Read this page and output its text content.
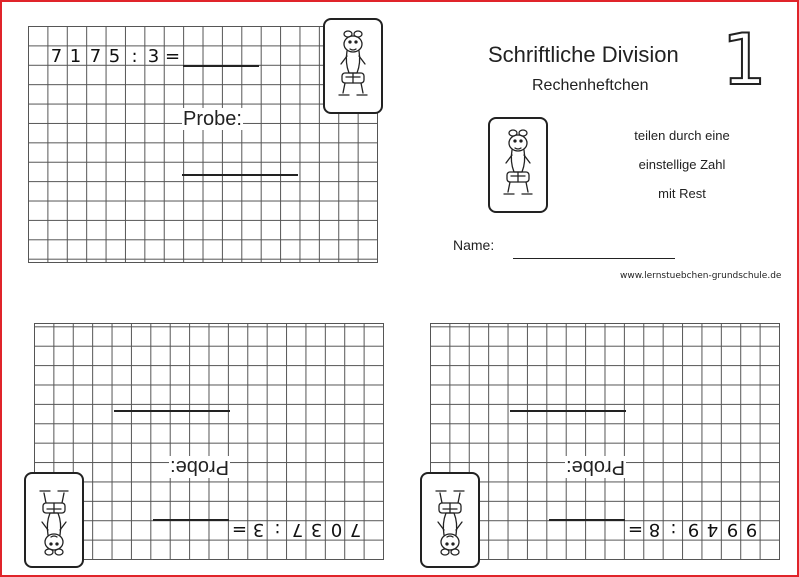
7 1 7 5 : 3 =
Probe:
Schriftliche Division
Rechenheftchen 1
teilen durch eine
einstellige Zahl
mit Rest
Name:
www.lernstuebchen-grundschule.de
7
0
3
7
:
3
=
Probe:
9
9
4
9
:
8
=
Probe:
